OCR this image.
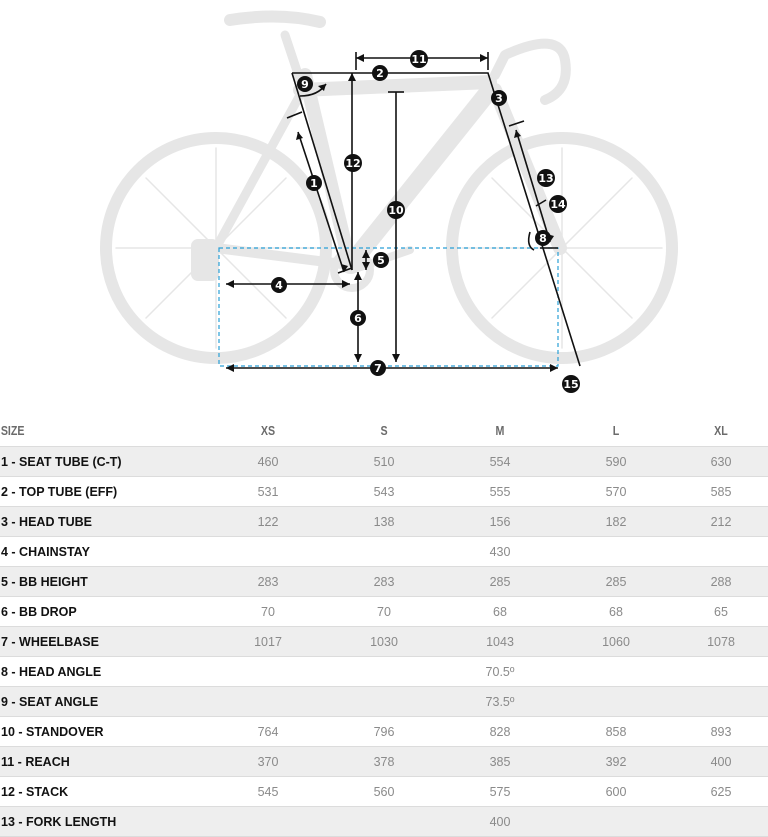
1
2
3
4
5
6
7
8
9
10
11
12
13
14
15
SIZE	XS	S	M	L	XL
1 - SEAT TUBE (C-T)	460	510	554	590	630
2 - TOP TUBE (EFF)	531	543	555	570	585
3 - HEAD TUBE	122	138	156	182	212
4 - CHAINSTAY			430		
5 - BB HEIGHT	283	283	285	285	288
6 - BB DROP	70	70	68	68	65
7 - WHEELBASE	1017	1030	1043	1060	1078
8 - HEAD ANGLE			70.5º		
9 - SEAT ANGLE			73.5º		
10 - STANDOVER	764	796	828	858	893
11 - REACH	370	378	385	392	400
12 - STACK	545	560	575	600	625
13 - FORK LENGTH			400		
